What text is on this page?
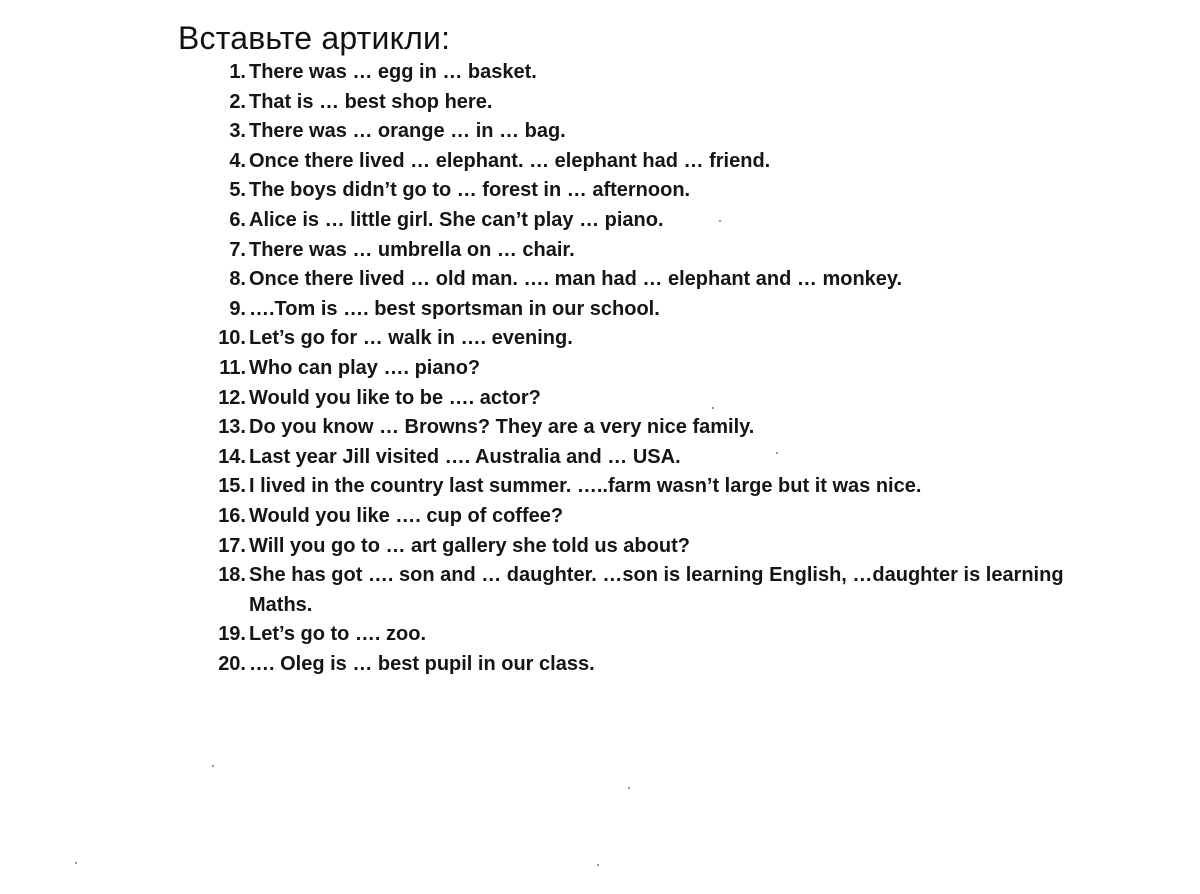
Вставьте артикли:
1. There was … egg in … basket.
2. That is … best shop here.
3. There was … orange … in … bag.
4. Once there lived … elephant. … elephant had … friend.
5. The boys didn’t go to … forest in … afternoon.
6. Alice is … little girl. She can’t play … piano.
7. There was … umbrella on … chair.
8. Once there lived … old man. …. man had … elephant and … monkey.
9. ….Tom is …. best sportsman in our school.
10. Let’s go for … walk in …. evening.
11. Who can play …. piano?
12. Would you like to be …. actor?
13. Do you know … Browns? They are a very nice family.
14. Last year Jill visited …. Australia and … USA.
15. I lived in the country last summer. …..farm wasn’t large but it was nice.
16. Would you like …. cup of coffee?
17. Will you go to … art gallery she told us about?
18. She has got …. son and … daughter. …son is learning English, …daughter is learning Maths.
19. Let’s go to …. zoo.
20. …. Oleg is … best pupil in our class.
